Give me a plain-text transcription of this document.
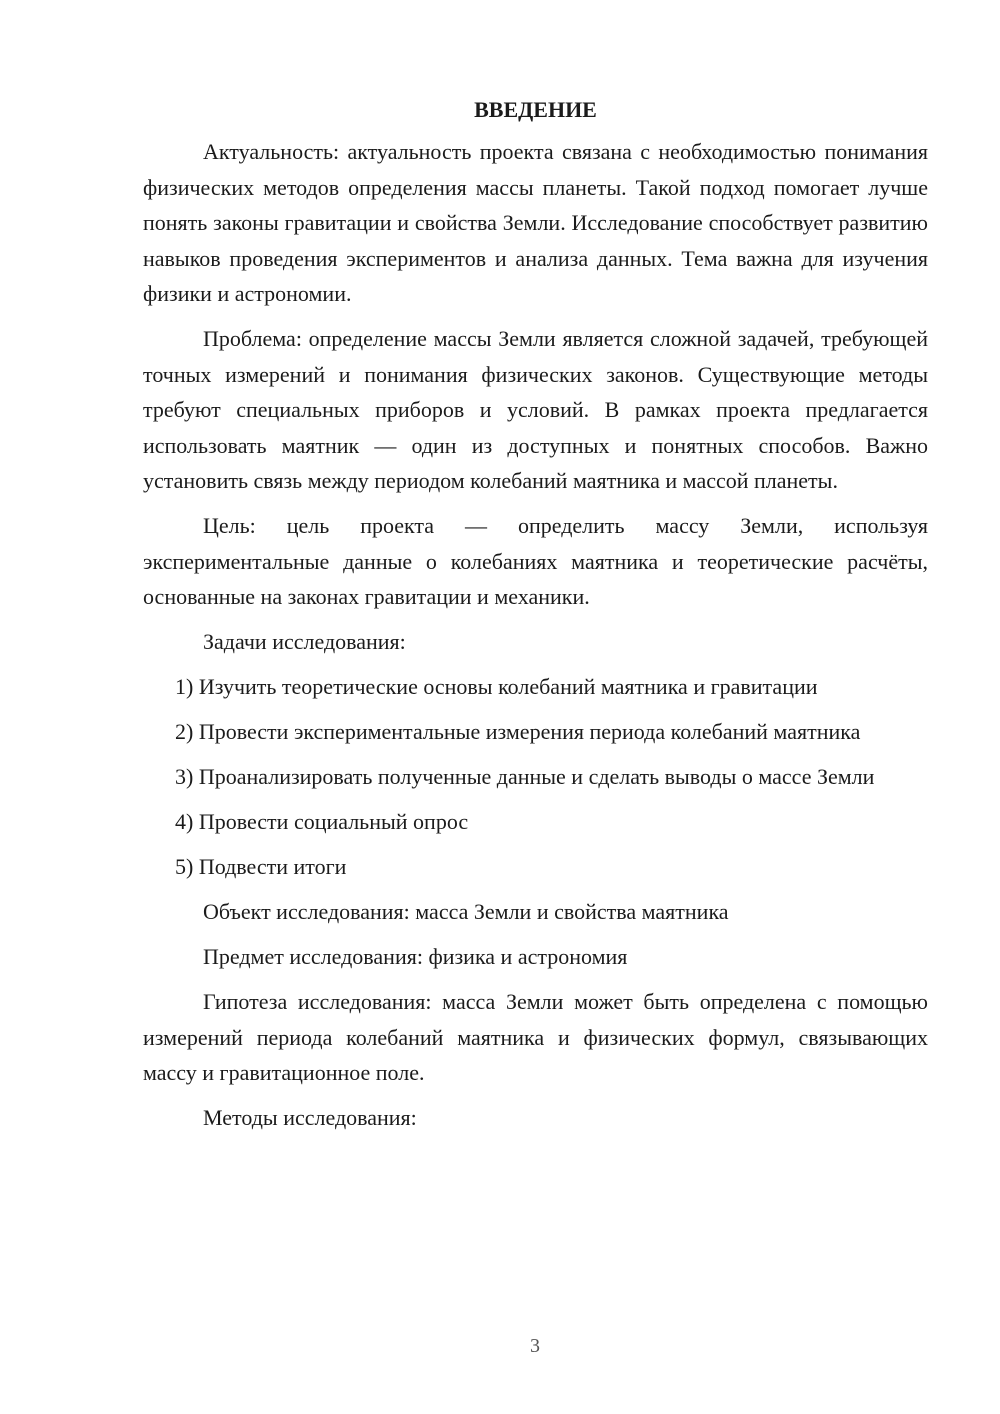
ВВЕДЕНИЕ

Актуальность: актуальность проекта связана с необходимостью понимания физических методов определения массы планеты. Такой подход помогает лучше понять законы гравитации и свойства Земли. Исследование способствует развитию навыков проведения экспериментов и анализа данных. Тема важна для изучения физики и астрономии.

Проблема: определение массы Земли является сложной задачей, требующей точных измерений и понимания физических законов. Существующие методы требуют специальных приборов и условий. В рамках проекта предлагается использовать маятник — один из доступных и понятных способов. Важно установить связь между периодом колебаний маятника и массой планеты.

Цель: цель проекта — определить массу Земли, используя экспериментальные данные о колебаниях маятника и теоретические расчёты, основанные на законах гравитации и механики.

Задачи исследования:

1) Изучить теоретические основы колебаний маятника и гравитации

2) Провести экспериментальные измерения периода колебаний маятника

3) Проанализировать полученные данные и сделать выводы о массе Земли

4) Провести социальный опрос

5) Подвести итоги

Объект исследования: масса Земли и свойства маятника

Предмет исследования: физика и астрономия

Гипотеза исследования: масса Земли может быть определена с помощью измерений периода колебаний маятника и физических формул, связывающих массу и гравитационное поле.

Методы исследования:

3
